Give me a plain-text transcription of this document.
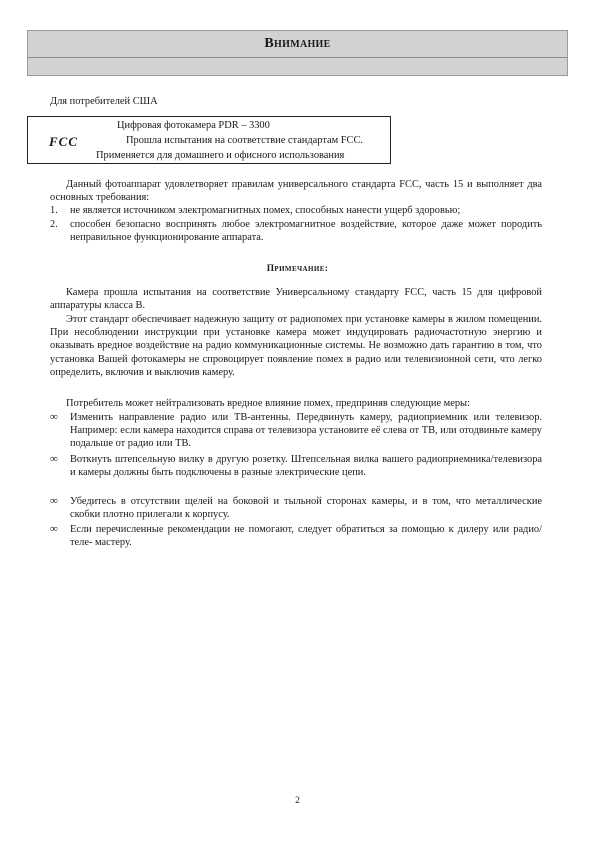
Внимание
Для потребителей США
FCC
Цифровая фотокамера PDR – 3300
Прошла испытания на соответствие стандартам FCC.
Применяется для домашнего и офисного использования
Данный фотоаппарат удовлетворяет правилам универсального стандарта FCC, часть 15 и выполняет два основных требования:
1.	не является источником электромагнитных помех, способных нанести ущерб здоровью;
2.	способен безопасно воспринять любое электромагнитное воздействие, которое даже может породить неправильное функционирование аппарата.
Примечание:
Камера прошла испытания на соответствие Универсальному стандарту FCC, часть 15 для цифровой аппаратуры класса B.
Этот стандарт обеспечивает надежную защиту от радиопомех при установке камеры в жилом помещении. При несоблюдении инструкции при установке камера может индуцировать радиочастотную энергию и оказывать вредное воздействие на радио коммуникационные системы. Не возможно дать гарантию в том, что установка Вашей фотокамеры не спровоцирует появление помех в радио или телевизионной сети, что легко определить, включив и выключив камеру.
Потребитель может нейтрализовать вредное влияние помех, предприняв следующие меры:
∞	Изменить направление радио или ТВ-антенны. Передвинуть камеру, радиоприемник или телевизор. Например: если камера находится справа от телевизора установите её слева от ТВ, или отодвиньте камеру подальше от радио или ТВ.
∞	Воткнуть штепсельную вилку в другую розетку. Штепсельная вилка вашего радиоприемника/телевизора и камеры должны быть подключены в разные электрические цепи.
∞	Убедитесь в отсутствии щелей на боковой и тыльной сторонах камеры, и в том, что металлические скобки плотно прилегали к корпусу.
∞	Если перечисленные рекомендации не помогают, следует обратиться за помощью к дилеру или радио/теле- мастеру.
2
